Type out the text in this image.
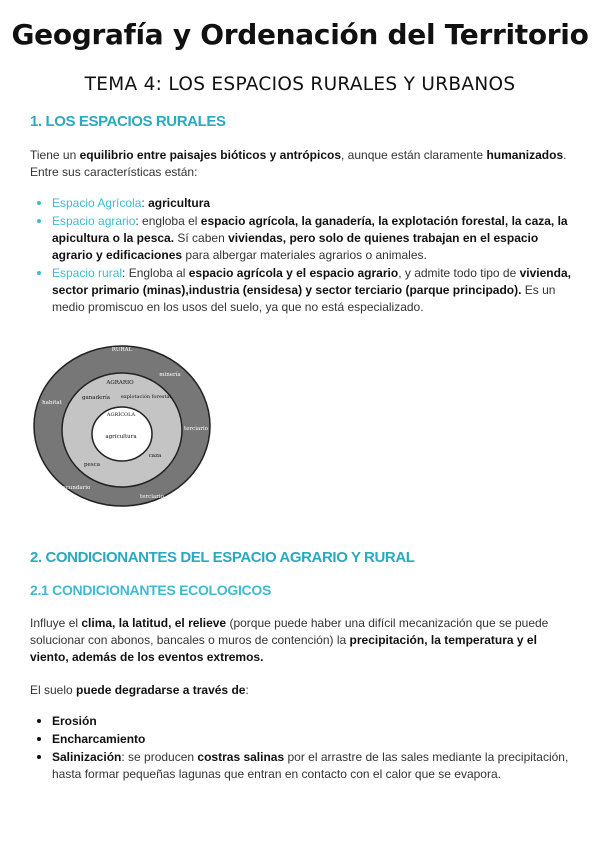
Geografía y Ordenación del Territorio
TEMA 4: LOS ESPACIOS RURALES Y URBANOS
1. LOS ESPACIOS RURALES
Tiene un equilibrio entre paisajes bióticos y antrópicos, aunque están claramente humanizados. Entre sus características están:
• Espacio Agrícola: agricultura
• Espacio agrario: engloba el espacio agrícola, la ganadería, la explotación forestal, la caza, la apicultura o la pesca. Sí caben viviendas, pero solo de quienes trabajan en el espacio agrario y edificaciones para albergar materiales agrarios o animales.
• Espacio rural: Engloba al espacio agrícola y el espacio agrario, y admite todo tipo de vivienda, sector primario (minas),industria (ensidesa) y sector terciario (parque principado). Es un medio promiscuo en los usos del suelo, ya que no está especializado.
RURAL
minería
habitat
terciario
secundario
terciario
AGRARIO
ganadería explotación forestal
caza
pesca
AGRÍCOLA
agricultura
2. CONDICIONANTES DEL ESPACIO AGRARIO Y RURAL
2.1 CONDICIONANTES ECOLOGICOS
Influye el clima, la latitud, el relieve (porque puede haber una difícil mecanización que se puede solucionar con abonos, bancales o muros de contención) la precipitación, la temperatura y el viento, además de los eventos extremos.
El suelo puede degradarse a través de:
• Erosión
• Encharcamiento
• Salinización: se producen costras salinas por el arrastre de las sales mediante la precipitación, hasta formar pequeñas lagunas que entran en contacto con el calor que se evapora.
